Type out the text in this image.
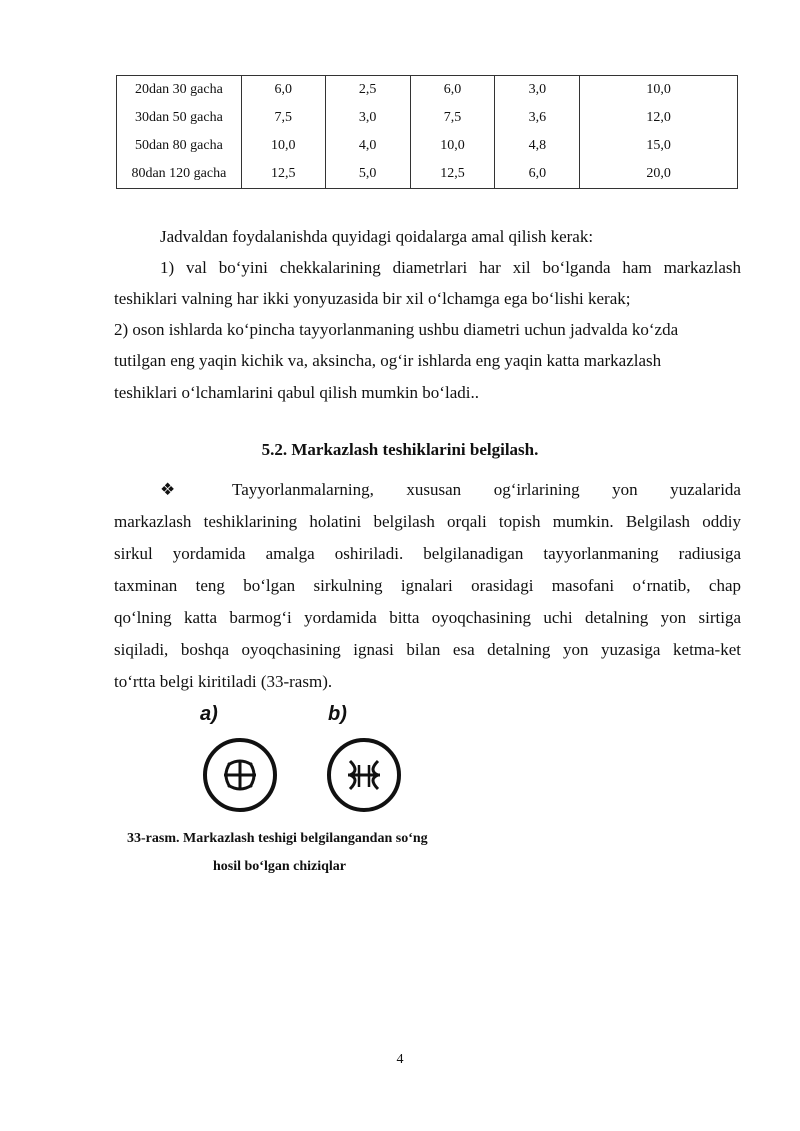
20dan 30 gacha	6,0	2,5	6,0	3,0	10,0
30dan 50 gacha	7,5	3,0	7,5	3,6	12,0
50dan 80 gacha	10,0	4,0	10,0	4,8	15,0
80dan 120 gacha	12,5	5,0	12,5	6,0	20,0

Jadvaldan foydalanishda quyidagi qoidalarga amal qilish kerak:

1) val bo‘yini chekkalarining diametrlari har xil bo‘lganda ham markazlash

teshiklari valning har ikki yonyuzasida bir xil o‘lchamga ega bo‘lishi kerak;

2) oson ishlarda ko‘pincha tayyorlanmaning ushbu diametri uchun jadvalda ko‘zda

tutilgan eng yaqin kichik va, aksincha, og‘ir ishlarda eng yaqin katta markazlash

teshiklari o‘lchamlarini qabul qilish mumkin bo‘ladi..

5.2. Markazlash teshiklarini belgilash.
❖	Tayyorlanmalarning, xususan og‘irlarining yon yuzalarida

markazlash teshiklarining holatini belgilash orqali topish mumkin. Belgilash oddiy

sirkul yordamida amalga oshiriladi. belgilanadigan tayyorlanmaning radiusiga

taxminan teng bo‘lgan sirkulning ignalari orasidagi masofani o‘rnatib, chap

qo‘lning katta barmog‘i yordamida bitta oyoqchasining uchi detalning yon sirtiga

siqiladi, boshqa oyoqchasining ignasi bilan esa detalning yon yuzasiga ketma-ket

to‘rtta belgi kiritiladi (33-rasm).

a)	b)
33-rasm. Markazlash teshigi belgilangandan so‘ng
hosil bo‘lgan chiziqlar
4
